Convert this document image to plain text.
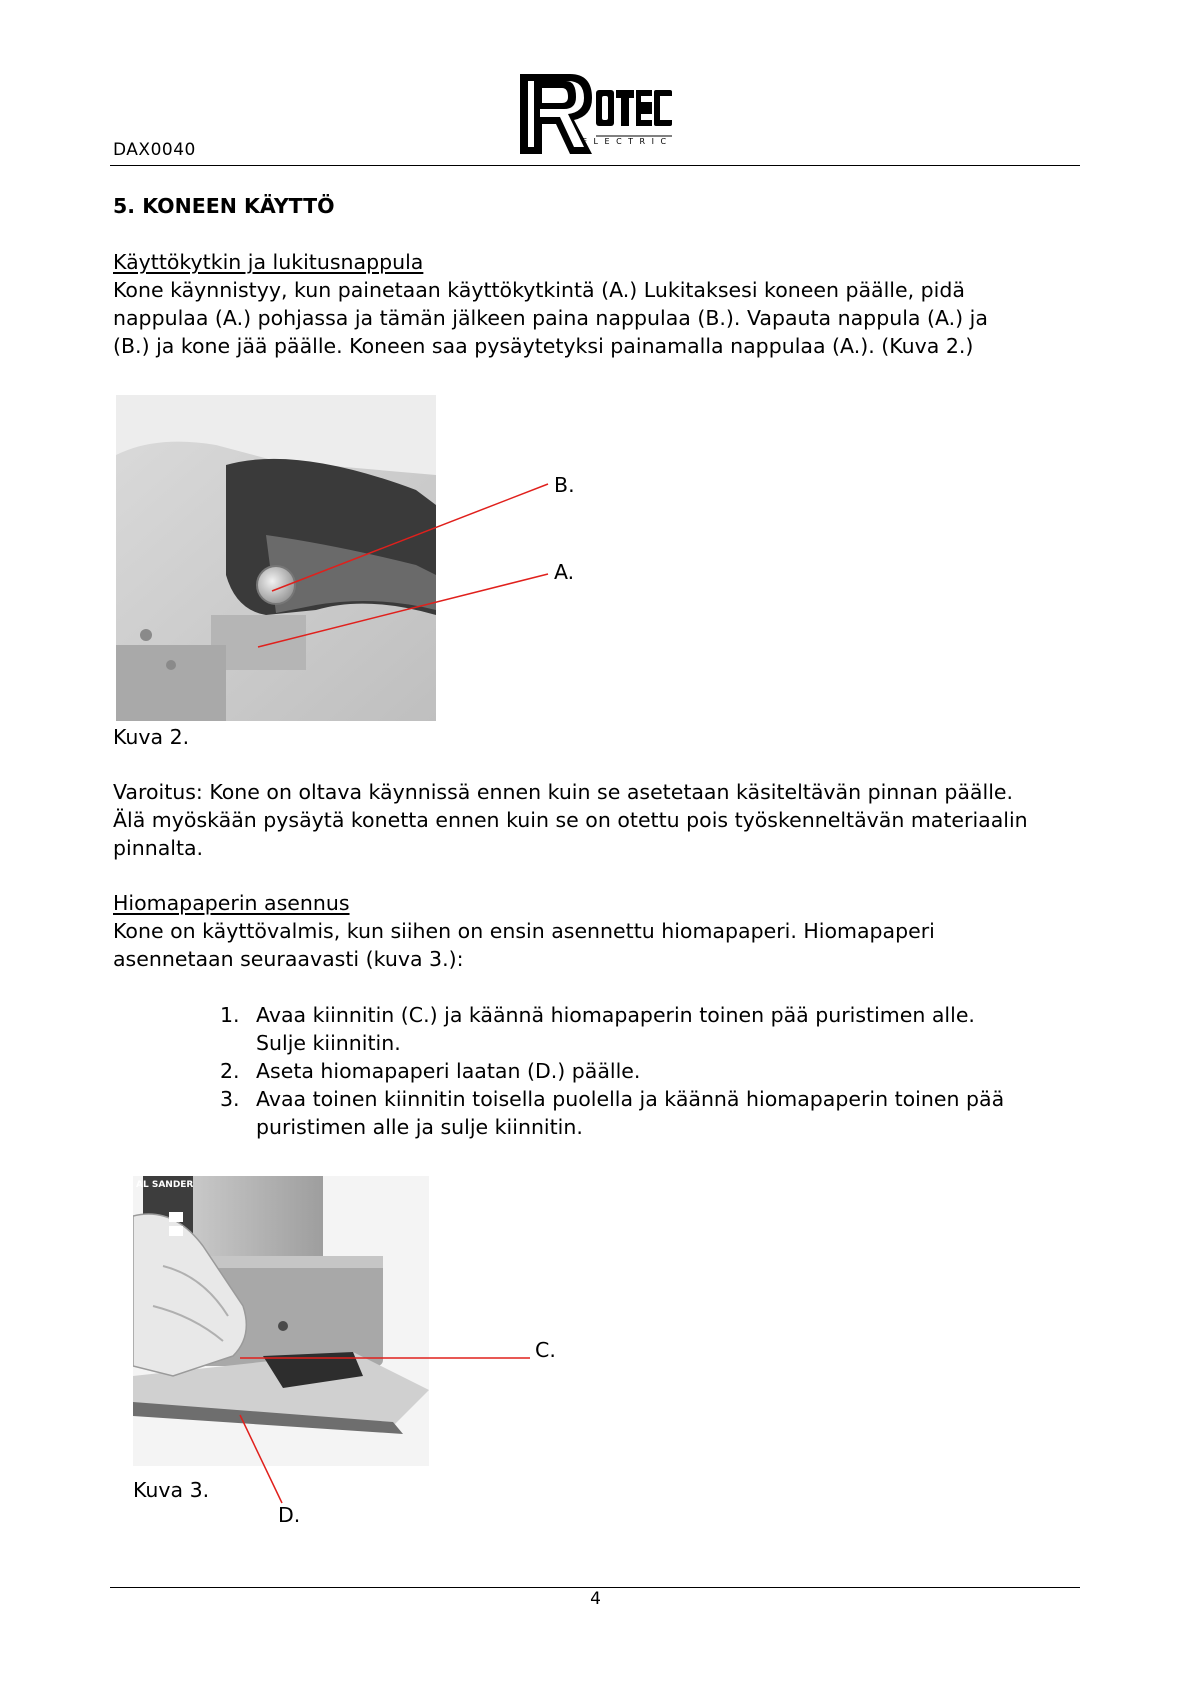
DAX0040	ELECTRIC
5. KONEEN KÄYTTÖ
Käyttökytkin ja lukitusnappula
Kone käynnistyy, kun painetaan käyttökytkintä (A.) Lukitaksesi koneen päälle, pidä
nappulaa (A.) pohjassa ja tämän jälkeen paina nappulaa (B.). Vapauta nappula (A.) ja
(B.) ja kone jää päälle. Koneen saa pysäytetyksi painamalla nappulaa (A.). (Kuva 2.)
B.
A.
Kuva 2.
Varoitus: Kone on oltava käynnissä ennen kuin se asetetaan käsiteltävän pinnan päälle.
Älä myöskään pysäytä konetta ennen kuin se on otettu pois työskenneltävän materiaalin
pinnalta.
Hiomapaperin asennus
Kone on käyttövalmis, kun siihen on ensin asennettu hiomapaperi. Hiomapaperi
asennetaan seuraavasti (kuva 3.):
1. Avaa kiinnitin (C.) ja käännä hiomapaperin toinen pää puristimen alle.
Sulje kiinnitin.
2. Aseta hiomapaperi laatan (D.) päälle.
3. Avaa toinen kiinnitin toisella puolella ja käännä hiomapaperin toinen pää
puristimen alle ja sulje kiinnitin.
AL SANDER
C.
Kuva 3.
D.
4
